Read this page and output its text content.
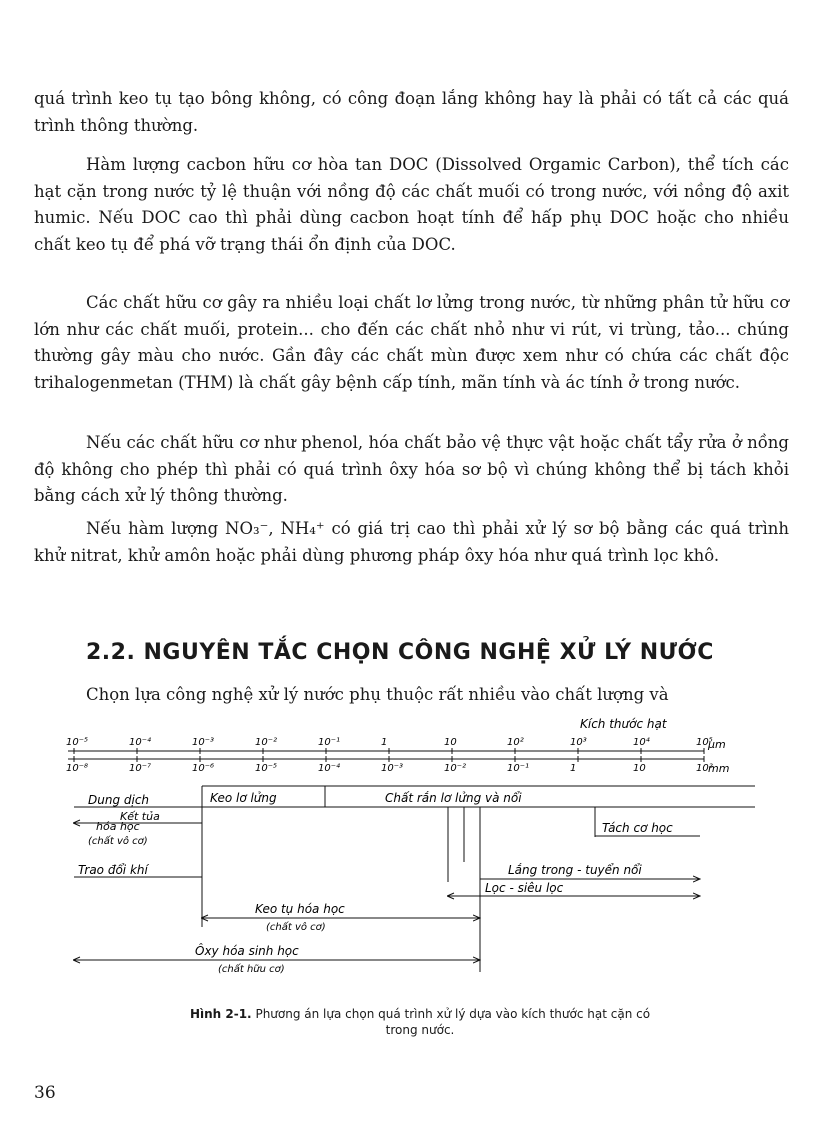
quá trình keo tụ tạo bông không, có công đoạn lắng không hay là phải có tất cả các quá trình thông thường.

Hàm lượng cacbon hữu cơ hòa tan DOC (Dissolved Orgamic Carbon), thể tích các hạt cặn trong nước tỷ lệ thuận với nồng độ các chất muối có trong nước, với nồng độ axit humic. Nếu DOC cao thì phải dùng cacbon hoạt tính để hấp phụ DOC hoặc cho nhiều chất keo tụ để phá vỡ trạng thái ổn định của DOC.

Các chất hữu cơ gây ra nhiều loại chất lơ lửng trong nước, từ những phân tử hữu cơ lớn như các chất muối, protein... cho đến các chất nhỏ như vi rút, vi trùng, tảo... chúng thường gây màu cho nước. Gần đây các chất mùn được xem như có chứa các chất độc trihalogenmetan (THM) là chất gây bệnh cấp tính, mãn tính và ác tính ở trong nước.

Nếu các chất hữu cơ như phenol, hóa chất bảo vệ thực vật hoặc chất tẩy rửa ở nồng độ không cho phép thì phải có quá trình ôxy hóa sơ bộ vì chúng không thể bị tách khỏi bằng cách xử lý thông thường.

Nếu hàm lượng NO₃⁻, NH₄⁺ có giá trị cao thì phải xử lý sơ bộ bằng các quá trình khử nitrat, khử amôn hoặc phải dùng phương pháp ôxy hóa như quá trình lọc khô.

2.2. NGUYÊN TẮC CHỌN CÔNG NGHỆ XỬ LÝ NƯỚC

Chọn lựa công nghệ xử lý nước phụ thuộc rất nhiều vào chất lượng và

Kích thước hạt
10⁻⁵	10⁻⁴	10⁻³	10⁻²	10⁻¹	1	10	10²	10³	10⁴	10⁵
µm
10⁻⁸	10⁻⁷	10⁻⁶	10⁻⁵	10⁻⁴	10⁻³	10⁻²	10⁻¹	1	10	10²
mm
Dung dịch	Keo lơ lửng	Chất rắn lơ lửng và nổi
Kết tủa
hóa học
(chất vô cơ)
Tách cơ học
Trao đổi khí	Lắng trong - tuyển nổi
Lọc - siêu lọc
Keo tụ hóa học
(chất vô cơ)
Ôxy hóa sinh học
(chất hữu cơ)
Hình 2-1. Phương án lựa chọn quá trình xử lý dựa vào kích thước hạt cặn có trong nước.
36
